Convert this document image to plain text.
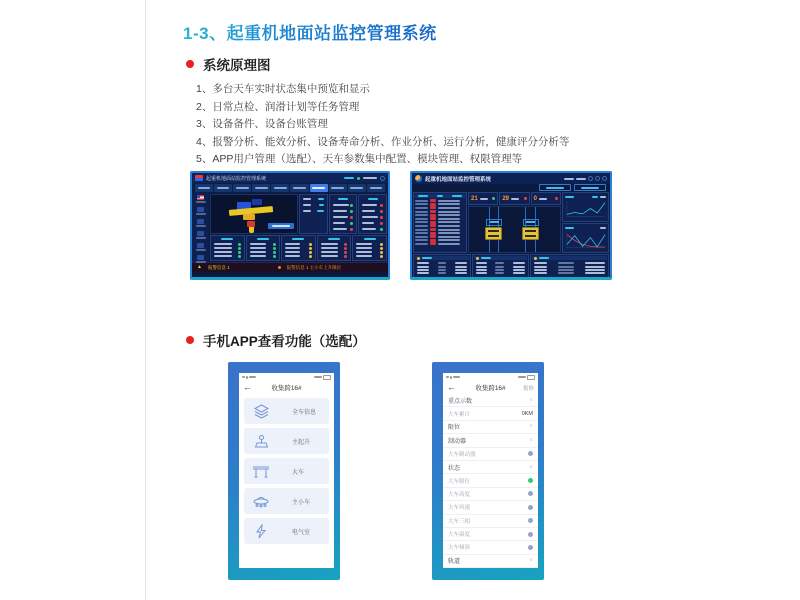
1-3、起重机地面站监控管理系统
系统原理图
1、多台天车实时状态集中预览和显示
2、日常点检、润滑计划等任务管理
3、设备备件、设备台账管理
4、报警分析、能效分析、设备寿命分析、作业分析、运行分析，健康评分分析等
5、APP用户管理（选配）、天车参数集中配置、模块管理、权限管理等
起重机地面站监控管理系统
▲ 报警信息 1	报警信息 1 主小车上升限位
起重机地面站监控管理系统
21	29	0
手机APP查看功能（选配）
←	收集跨16#
全车信息
主起升
大车
主小车
电气室
←	收集跨16#	报修
重点示数	∧
大车累计	0KM
限位	∨
制动器	∧
大车制动器
状态	∧
大车限位
大车高度
大车风速
大车三相
大车温度
大车倾斜
轨道	∨
